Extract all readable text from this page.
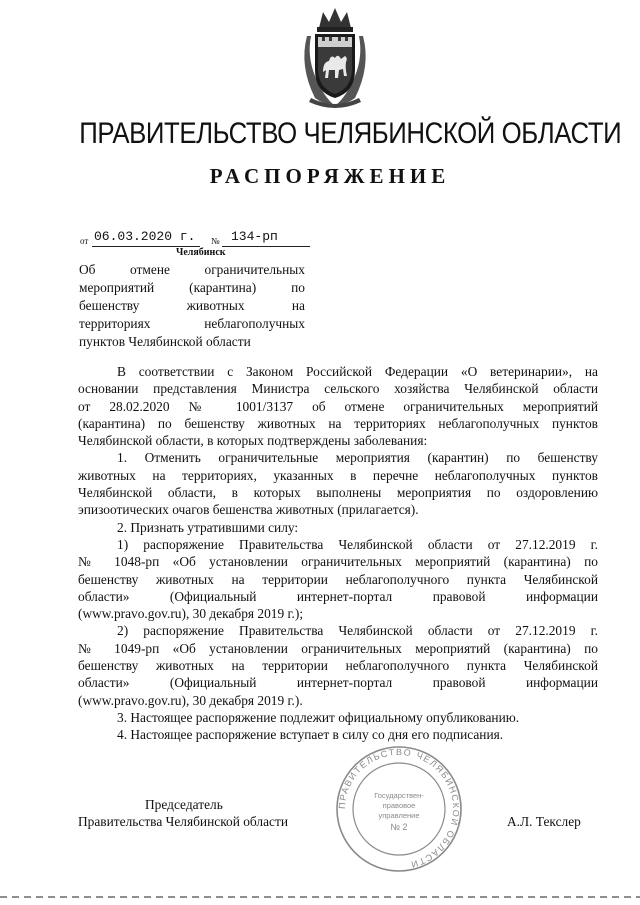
ПРАВИТЕЛЬСТВО ЧЕЛЯБИНСКОЙ ОБЛАСТИ
РАСПОРЯЖЕНИЕ
от 06.03.2020 г. № 134-рп
Челябинск
Об отмене ограничительных
мероприятий (карантина) по
бешенству животных на
территориях неблагополучных
пунктов Челябинской области
В соответствии с Законом Российской Федерации «О ветеринарии», на
основании представления Министра сельского хозяйства Челябинской области
от 28.02.2020 № 1001/3137 об отмене ограничительных мероприятий
(карантина) по бешенству животных на территориях неблагополучных пунктов
Челябинской области, в которых подтверждены заболевания:
1. Отменить ограничительные мероприятия (карантин) по бешенству
животных на территориях, указанных в перечне неблагополучных пунктов
Челябинской области, в которых выполнены мероприятия по оздоровлению
эпизоотических очагов бешенства животных (прилагается).
2. Признать утратившими силу:
1) распоряжение Правительства Челябинской области от 27.12.2019 г.
№ 1048-рп «Об установлении ограничительных мероприятий (карантина) по
бешенству животных на территории неблагополучного пункта Челябинской
области» (Официальный интернет-портал правовой информации
(www.pravo.gov.ru), 30 декабря 2019 г.);
2) распоряжение Правительства Челябинской области от 27.12.2019 г.
№ 1049-рп «Об установлении ограничительных мероприятий (карантина) по
бешенству животных на территории неблагополучного пункта Челябинской
области» (Официальный интернет-портал правовой информации
(www.pravo.gov.ru), 30 декабря 2019 г.).
3. Настоящее распоряжение подлежит официальному опубликованию.
4. Настоящее распоряжение вступает в силу со дня его подписания.
ПРАВИТЕЛЬСТВО ЧЕЛЯБИНСКОЙ ОБЛАСТИ
Государствен-
правовое
управление
№ 2
Председатель
Правительства Челябинской области	А.Л. Текслер
